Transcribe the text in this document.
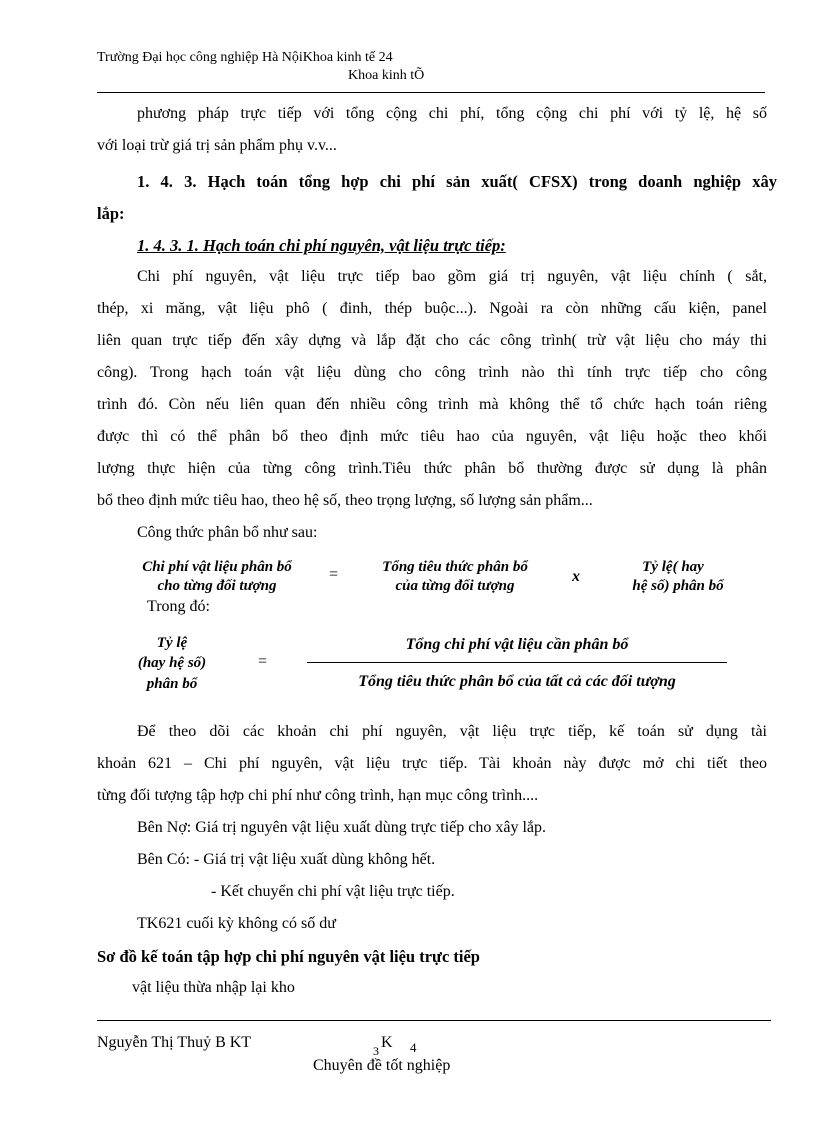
Trường Đại học công nghiệp Hà NộiKhoa kinh tế 24
Khoa kinh tÕ
phương pháp trực tiếp với tổng cộng chi phí, tổng cộng chi phí với tỷ lệ, hệ số
với loại trừ giá trị sản phẩm phụ v.v...
1. 4. 3. Hạch toán tổng hợp chi phí sản xuất( CFSX) trong doanh nghiệp xây
lắp:
1. 4. 3. 1. Hạch toán chi phí nguyên, vật liệu trực tiếp:
Chi phí nguyên, vật liệu trực tiếp bao gồm giá trị nguyên, vật liệu chính ( sắt,
thép, xi măng, vật liệu phô ( đinh, thép buộc...). Ngoài ra còn những cấu kiện, panel
liên quan trực tiếp đến xây dựng và lắp đặt cho các công trình( trừ vật liệu cho máy thi
công). Trong hạch toán vật liệu dùng cho công trình nào thì tính trực tiếp cho công
trình đó. Còn nếu liên quan đến nhiều công trình mà không thể tổ chức hạch toán riêng
được thì có thể phân bổ theo định mức tiêu hao của nguyên, vật liệu hoặc theo khối
lượng thực hiện của từng công trình.Tiêu thức phân bổ thường được sử dụng là phân
bổ theo định mức tiêu hao, theo hệ số, theo trọng lượng, số lượng sản phẩm...
Công thức phân bổ như sau:
Chi phí vật liệu phân bổ
cho từng đối tượng
=	Tổng tiêu thức phân bổ
của từng đối tượng
x
Tỷ lệ( hay
hệ số) phân bổ
Trong đó:
Tỷ lệ
(hay hệ số)
phân bổ
=
Tổng chi phí vật liệu cần phân bổ
Tổng tiêu thức phân bổ của tất cả các đối tượng
Để theo dõi các khoản chi phí nguyên, vật liệu trực tiếp, kế toán sử dụng tài
khoản 621 – Chi phí nguyên, vật liệu trực tiếp. Tài khoản này được mở chi tiết theo
từng đối tượng tập hợp chi phí như công trình, hạn mục công trình....
Bên Nợ: Giá trị nguyên vật liệu xuất dùng trực tiếp cho xây lắp.
Bên Có: - Giá trị vật liệu xuất dùng không hết.
- Kết chuyển chi phí vật liệu trực tiếp.
TK621 cuối kỳ không có số dư
Sơ đồ kế toán tập hợp chi phí nguyên vật liệu trực tiếp
vật liệu thừa nhập lại kho
Nguyễn Thị Thuỷ B KT	3 K 4
Chuyên đề tốt nghiệp
